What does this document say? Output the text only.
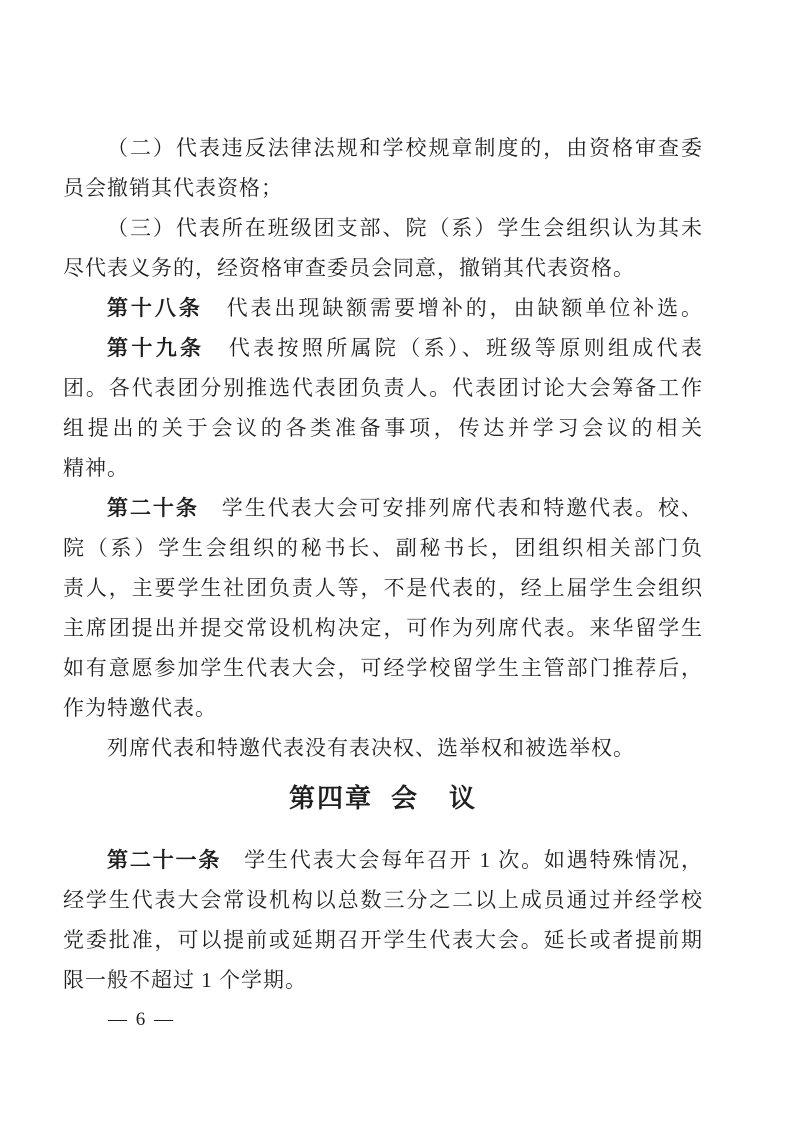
（二）代表违反法律法规和学校规章制度的，由资格审查委
员会撤销其代表资格；
（三）代表所在班级团支部、院（系）学生会组织认为其未
尽代表义务的，经资格审查委员会同意，撤销其代表资格。
第十八条　代表出现缺额需要增补的，由缺额单位补选。
第十九条　代表按照所属院（系）、班级等原则组成代表
团。各代表团分别推选代表团负责人。代表团讨论大会筹备工作
组提出的关于会议的各类准备事项，传达并学习会议的相关
精神。
第二十条　学生代表大会可安排列席代表和特邀代表。校、
院（系）学生会组织的秘书长、副秘书长，团组织相关部门负
责人，主要学生社团负责人等，不是代表的，经上届学生会组织
主席团提出并提交常设机构决定，可作为列席代表。来华留学生
如有意愿参加学生代表大会，可经学校留学生主管部门推荐后，
作为特邀代表。
列席代表和特邀代表没有表决权、选举权和被选举权。
第四章 会 议
第二十一条　学生代表大会每年召开 1 次。如遇特殊情况，
经学生代表大会常设机构以总数三分之二以上成员通过并经学校
党委批准，可以提前或延期召开学生代表大会。延长或者提前期
限一般不超过 1 个学期。
— 6 —
